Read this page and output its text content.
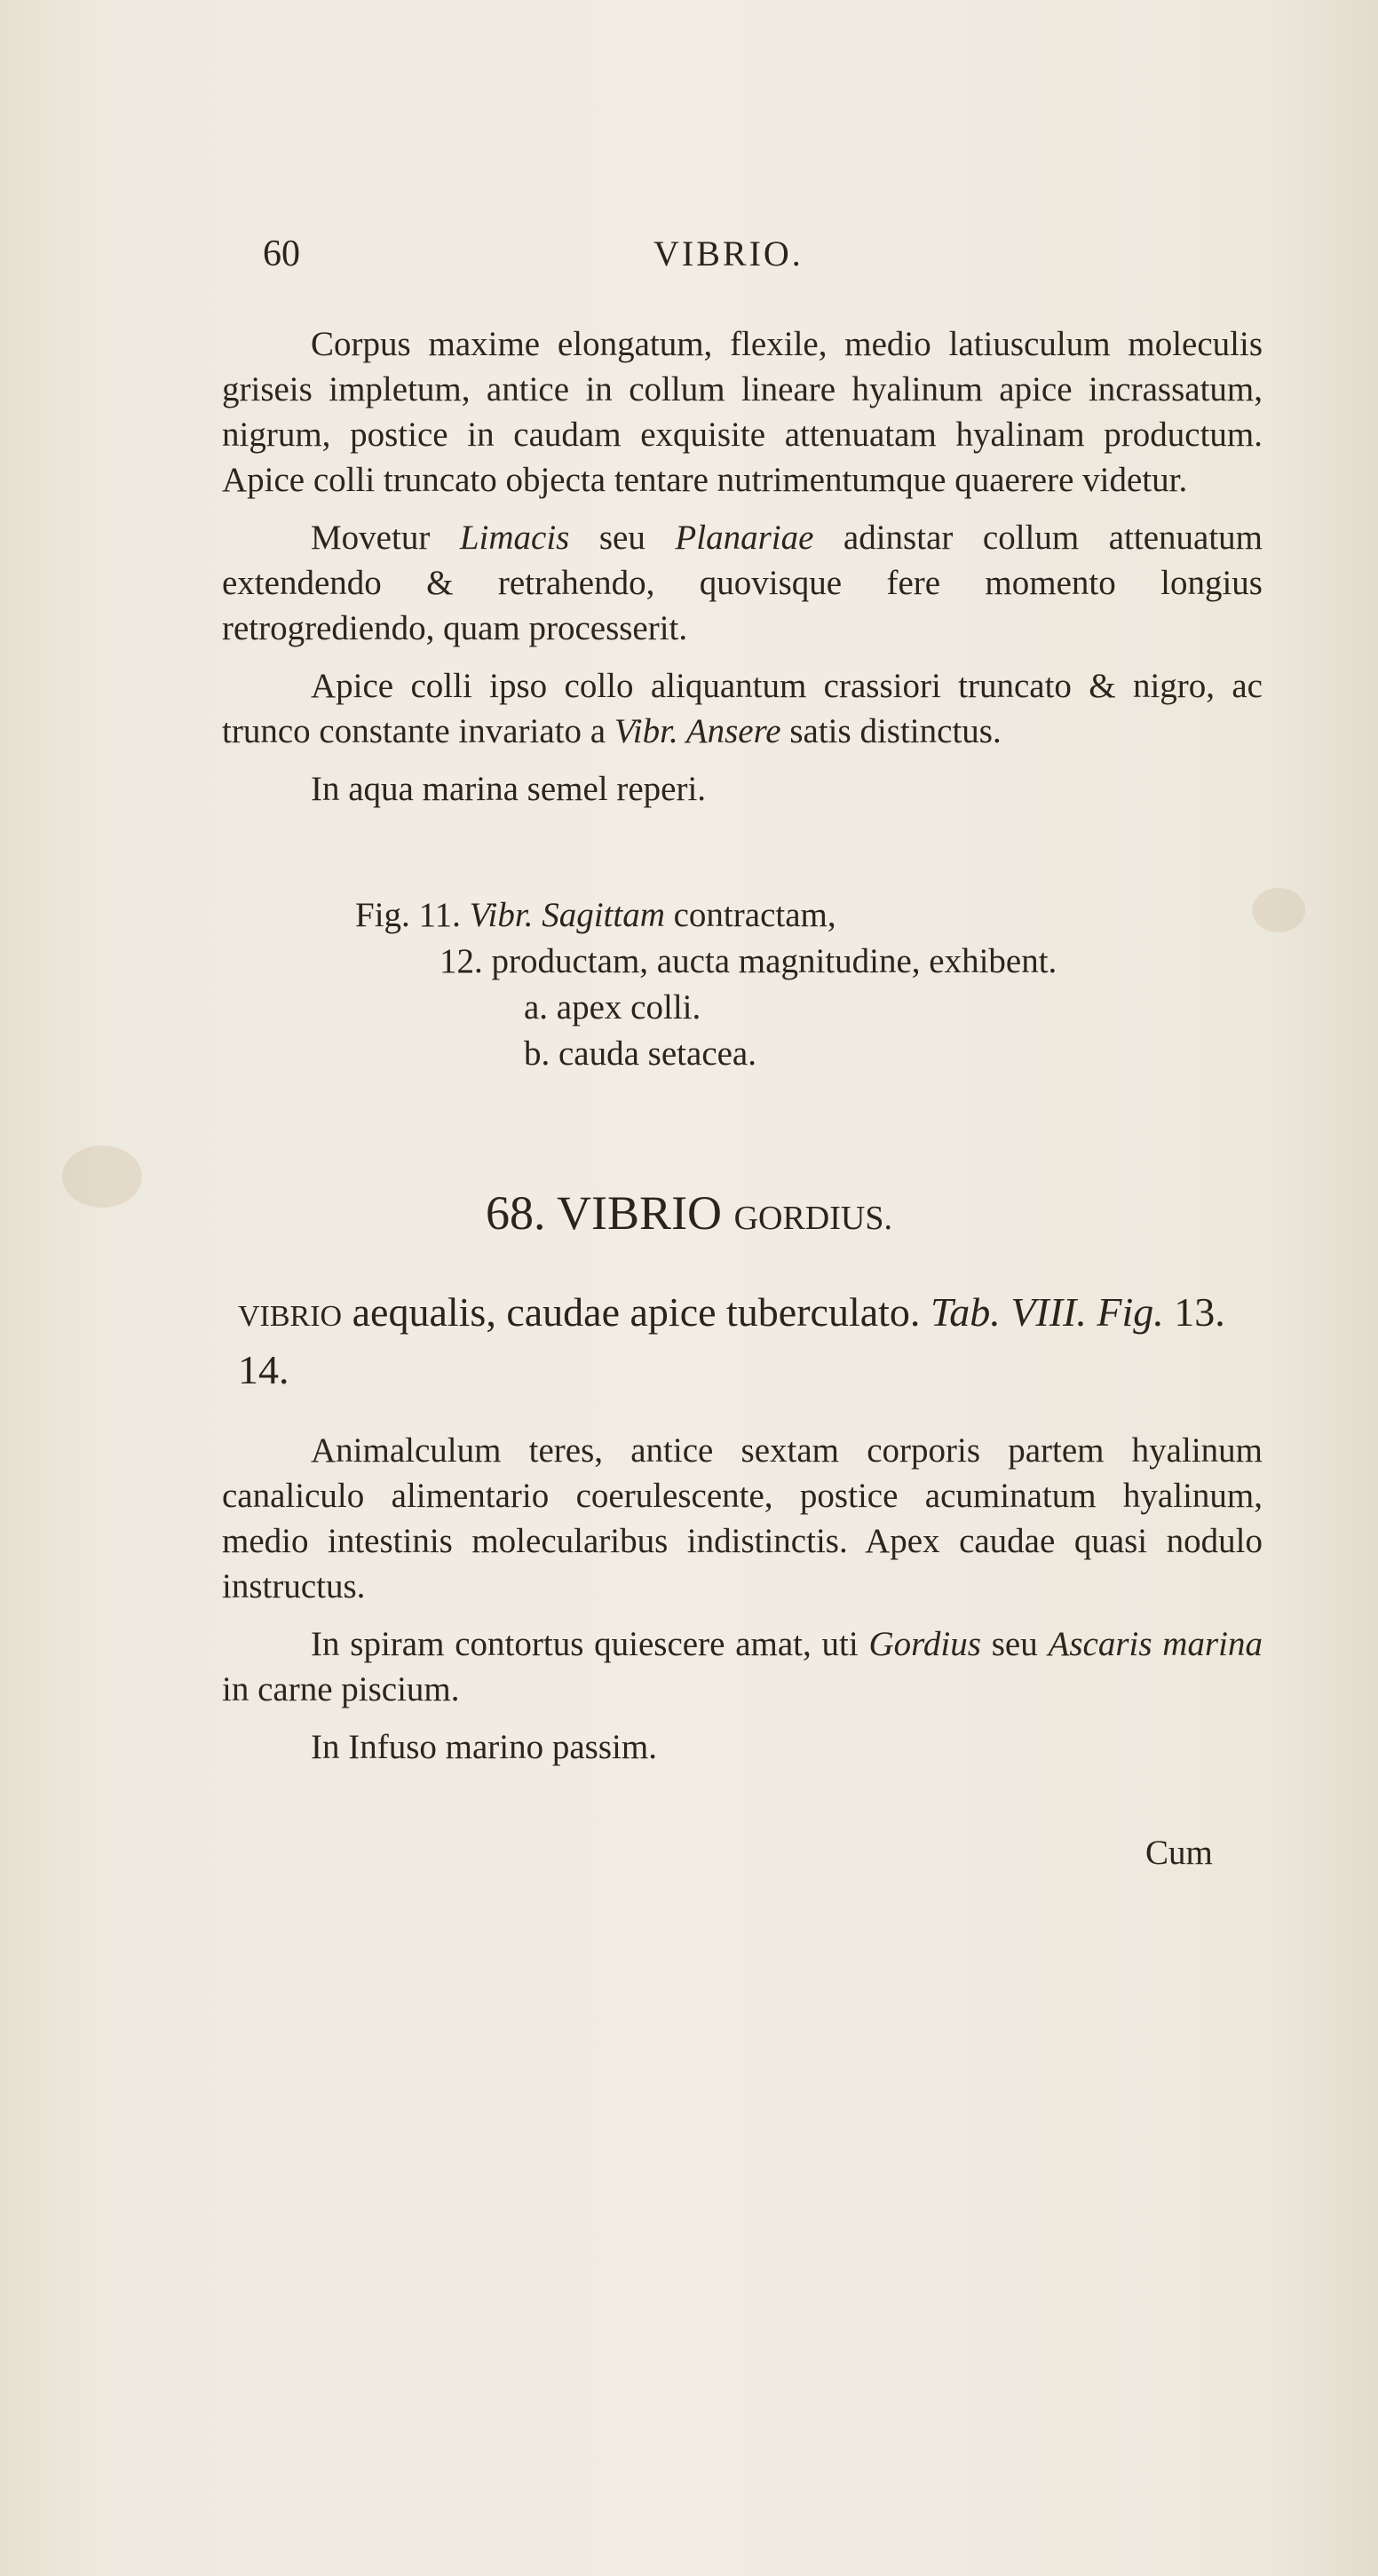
60	VIBRIO.

Corpus maxime elongatum, flexile, medio latiusculum moleculis griseis impletum, antice in collum lineare hyalinum apice incrassatum, nigrum, postice in caudam exquisite attenuatam hyalinam productum. Apice colli truncato objecta tentare nutrimentumque quaerere videtur.

Movetur Limacis seu Planariae adinstar collum attenuatum extendendo & retrahendo, quovisque fere momento longius retrogrediendo, quam processerit.

Apice colli ipso collo aliquantum crassiori truncato & nigro, ac trunco constante invariato a Vibr. Ansere satis distinctus.

In aqua marina semel reperi.

Fig. 11. Vibr. Sagittam contractam,
12. productam, aucta magnitudine, exhibent.
a. apex colli.
b. cauda setacea.
68. VIBRIO GORDIUS.
VIBRIO aequalis, caudae apice tuberculato. Tab. VIII. Fig. 13. 14.

Animalculum teres, antice sextam corporis partem hyalinum canaliculo alimentario coerulescente, postice acuminatum hyalinum, medio intestinis molecularibus indistinctis. Apex caudae quasi nodulo instructus.

In spiram contortus quiescere amat, uti Gordius seu Ascaris marina in carne piscium.

In Infuso marino passim.

Cum
